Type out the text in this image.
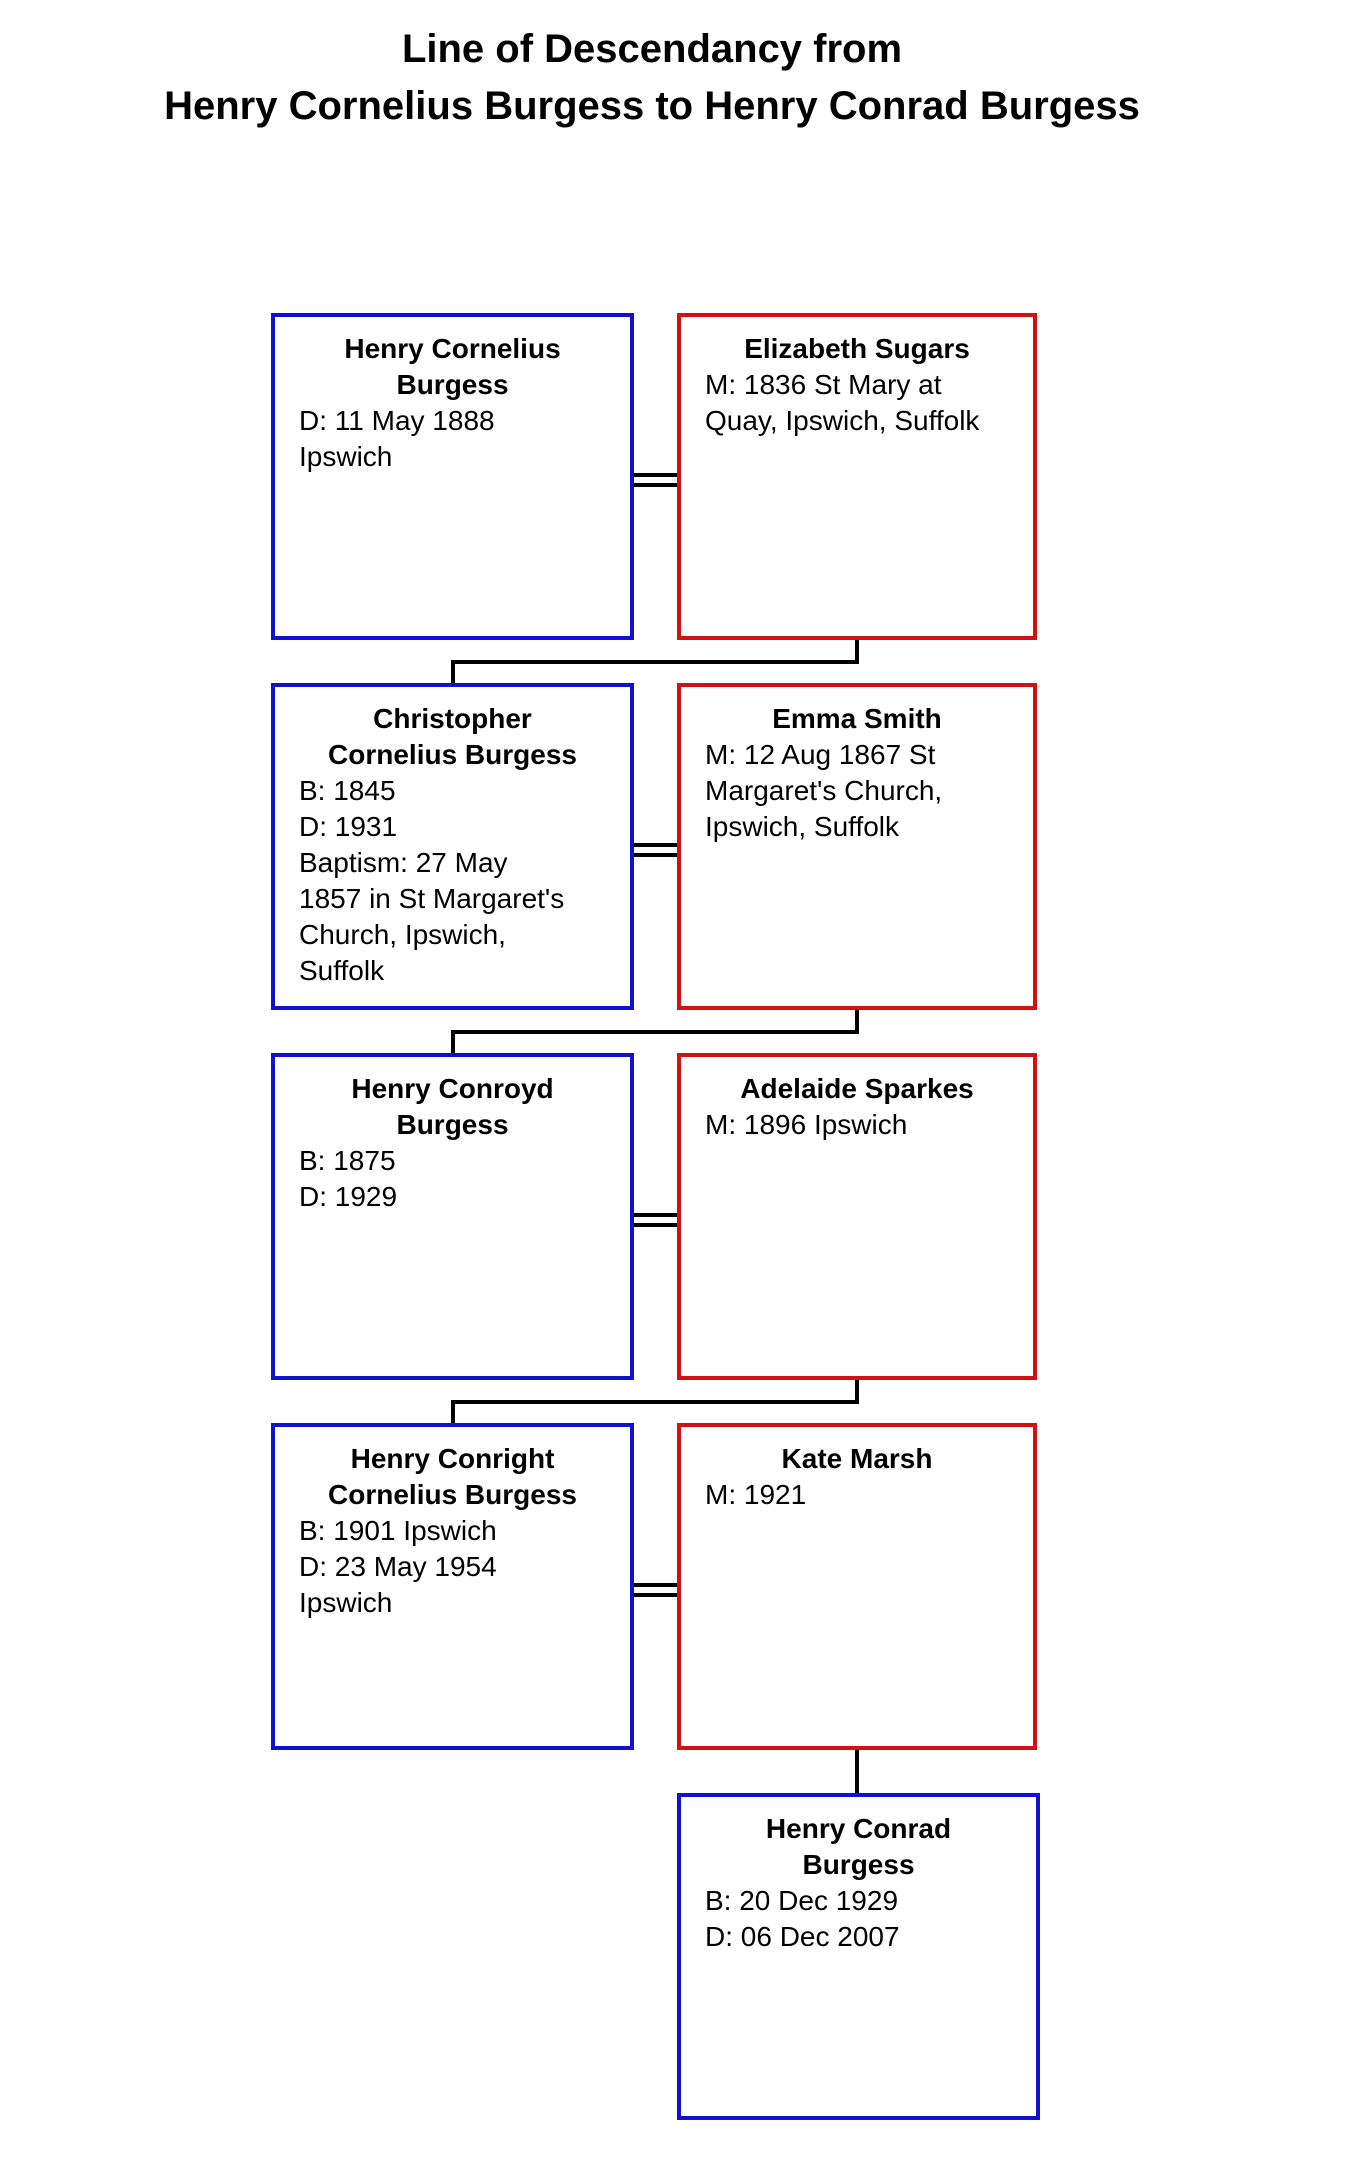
Line of Descendancy from
Henry Cornelius Burgess to Henry Conrad Burgess
Henry Cornelius
Burgess
D: 11 May 1888
Ipswich
Elizabeth Sugars
M: 1836 St Mary at
Quay, Ipswich, Suffolk
Christopher
Cornelius Burgess
B: 1845
D: 1931
Baptism: 27 May
1857 in St Margaret's
Church, Ipswich,
Suffolk
Emma Smith
M: 12 Aug 1867 St
Margaret's Church,
Ipswich, Suffolk
Henry Conroyd
Burgess
B: 1875
D: 1929
Adelaide Sparkes
M: 1896 Ipswich
Henry Conright
Cornelius Burgess
B: 1901 Ipswich
D: 23 May 1954
Ipswich
Kate Marsh
M: 1921
Henry Conrad
Burgess
B: 20 Dec 1929
D: 06 Dec 2007
